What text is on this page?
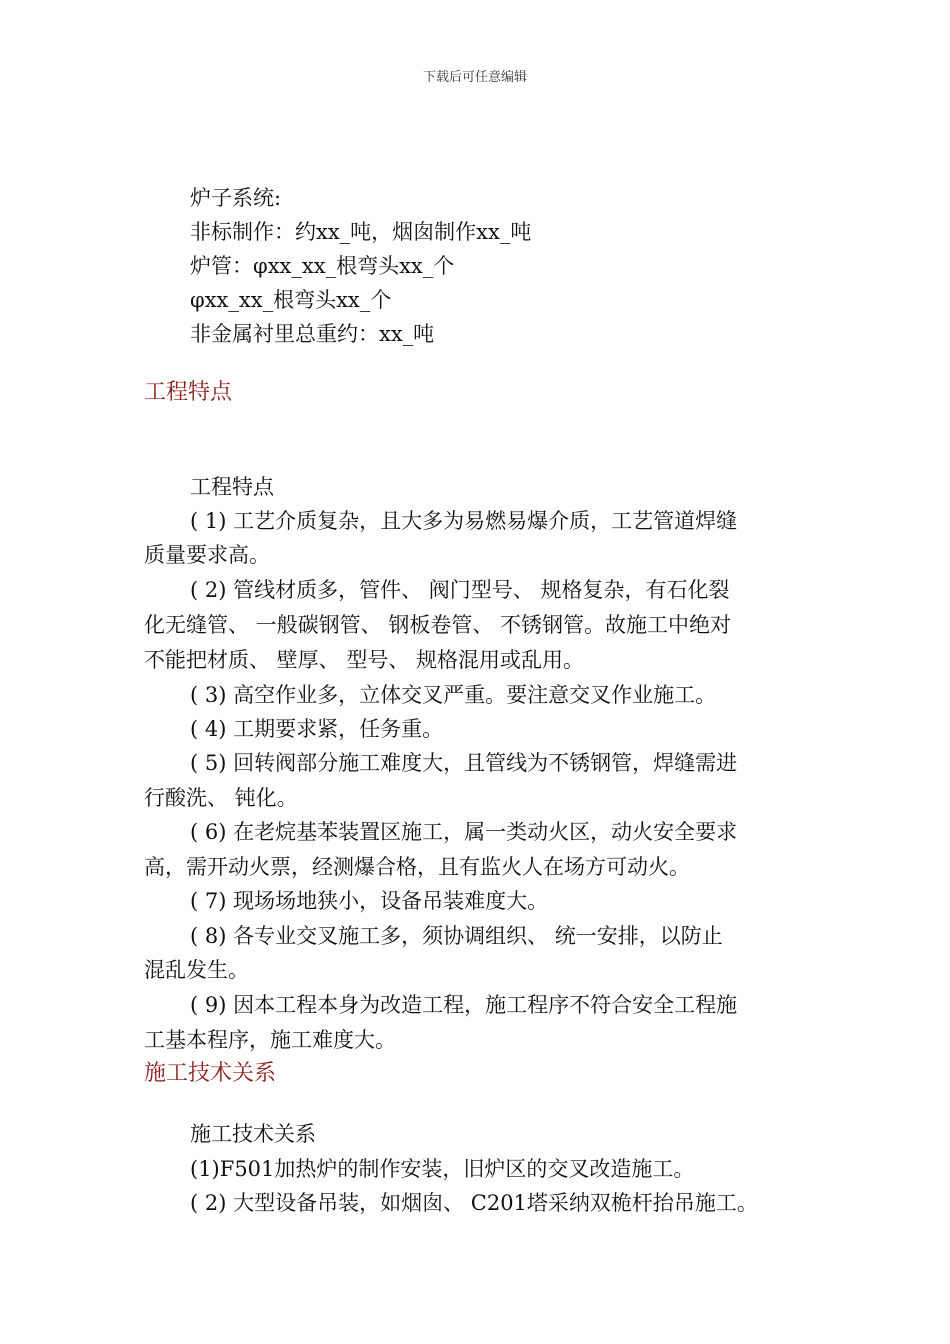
下载后可任意编辑
炉子系统:
非标制作：约xx_吨，烟囱制作xx_吨
炉管：φxx_xx_根弯头xx_个
φxx_xx_根弯头xx_个
非金属衬里总重约：xx_吨
工程特点
工程特点
( 1) 工艺介质复杂，且大多为易燃易爆介质，工艺管道焊缝
质量要求高。
( 2) 管线材质多，管件、 阀门型号、 规格复杂，有石化裂
化无缝管、 一般碳钢管、 钢板卷管、 不锈钢管。故施工中绝对
不能把材质、 壁厚、 型号、 规格混用或乱用。
( 3) 高空作业多，立体交叉严重。要注意交叉作业施工。
( 4) 工期要求紧，任务重。
( 5) 回转阀部分施工难度大，且管线为不锈钢管，焊缝需进
行酸洗、 钝化。
( 6) 在老烷基苯装置区施工，属一类动火区，动火安全要求
高，需开动火票，经测爆合格，且有监火人在场方可动火。
( 7) 现场场地狭小，设备吊装难度大。
( 8) 各专业交叉施工多，须协调组织、 统一安排，以防止
混乱发生。
( 9) 因本工程本身为改造工程，施工程序不符合安全工程施
工基本程序，施工难度大。
施工技术关系
施工技术关系
(1)F501加热炉的制作安装，旧炉区的交叉改造施工。
( 2) 大型设备吊装，如烟囱、 C201塔采纳双桅杆抬吊施工。
